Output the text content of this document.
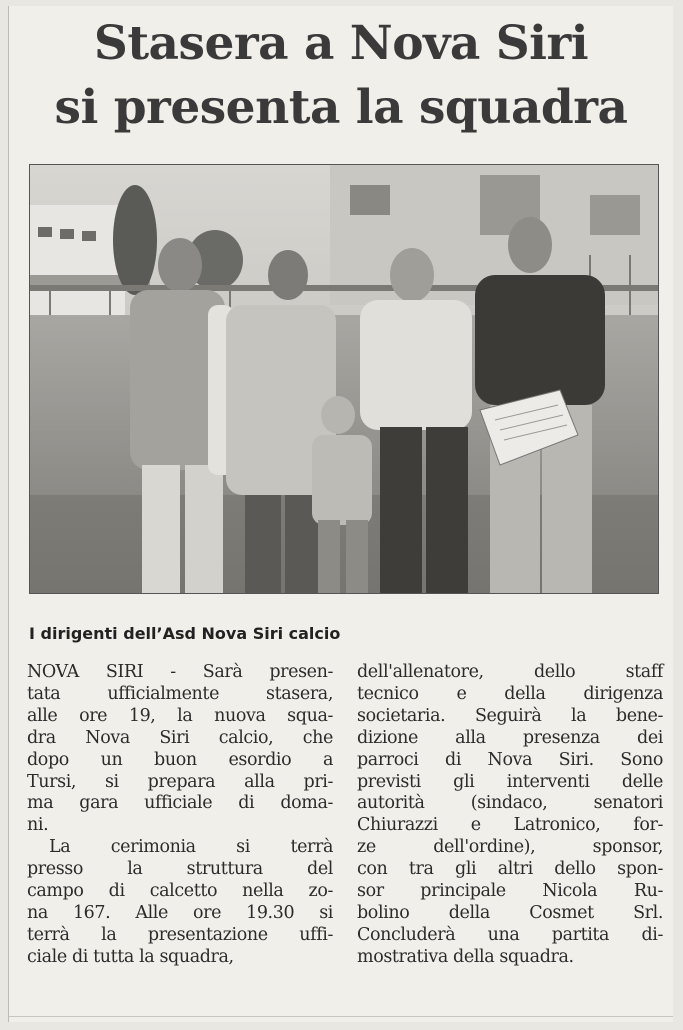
Stasera a Nova Siri
si presenta la squadra
I dirigenti dell’Asd Nova Siri calcio
NOVA SIRI - Sarà presen-
tata ufficialmente stasera,
alle ore 19, la nuova squa-
dra Nova Siri calcio, che
dopo un buon esordio a
Tursi, si prepara alla pri-
ma gara ufficiale di doma-
ni.
La cerimonia si terrà
presso la struttura del
campo di calcetto nella zo-
na 167. Alle ore 19.30 si
terrà la presentazione uffi-
ciale di tutta la squadra,
dell'allenatore, dello staff
tecnico e della dirigenza
societaria. Seguirà la bene-
dizione alla presenza dei
parroci di Nova Siri. Sono
previsti gli interventi delle
autorità (sindaco, senatori
Chiurazzi e Latronico, for-
ze dell'ordine), sponsor,
con tra gli altri dello spon-
sor principale Nicola Ru-
bolino della Cosmet Srl.
Concluderà una partita di-
mostrativa della squadra.
